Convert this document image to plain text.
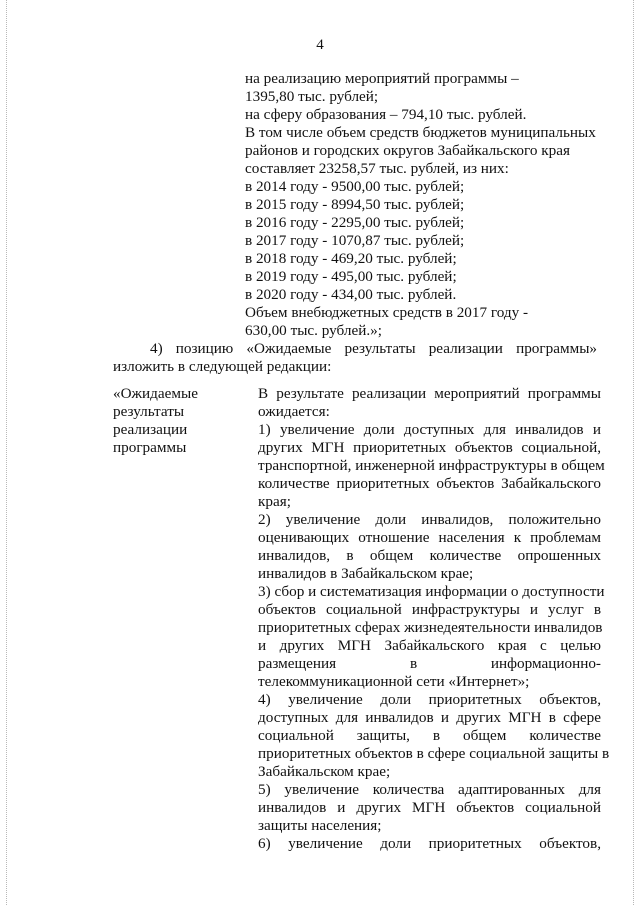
4
на реализацию мероприятий программы –
1395,80 тыс. рублей;
на сферу образования – 794,10 тыс. рублей.
В том числе объем средств бюджетов муниципальных
районов и городских округов Забайкальского края
составляет 23258,57 тыс. рублей, из них:
в 2014 году - 9500,00 тыс. рублей;
в 2015 году - 8994,50 тыс. рублей;
в 2016 году - 2295,00 тыс. рублей;
в 2017 году - 1070,87 тыс. рублей;
в 2018 году - 469,20 тыс. рублей;
в 2019 году - 495,00 тыс. рублей;
в 2020 году - 434,00 тыс. рублей.
Объем внебюджетных средств в 2017 году -
630,00 тыс. рублей.»;
4) позицию «Ожидаемые результаты реализации программы»
изложить в следующей редакции:
«Ожидаемые
результаты
реализации
программы
В результате реализации мероприятий программы
ожидается:
1) увеличение доли доступных для инвалидов и
других МГН приоритетных объектов социальной,
транспортной, инженерной инфраструктуры в общем
количестве приоритетных объектов Забайкальского
края;
2) увеличение доли инвалидов, положительно
оценивающих отношение населения к проблемам
инвалидов, в общем количестве опрошенных
инвалидов в Забайкальском крае;
3) сбор и систематизация информации о доступности
объектов социальной инфраструктуры и услуг в
приоритетных сферах жизнедеятельности инвалидов
и других МГН Забайкальского края с целью
размещения в информационно-
телекоммуникационной сети «Интернет»;
4) увеличение доли приоритетных объектов,
доступных для инвалидов и других МГН в сфере
социальной защиты, в общем количестве
приоритетных объектов в сфере социальной защиты в
Забайкальском крае;
5) увеличение количества адаптированных для
инвалидов и других МГН объектов социальной
защиты населения;
6) увеличение доли приоритетных объектов,
